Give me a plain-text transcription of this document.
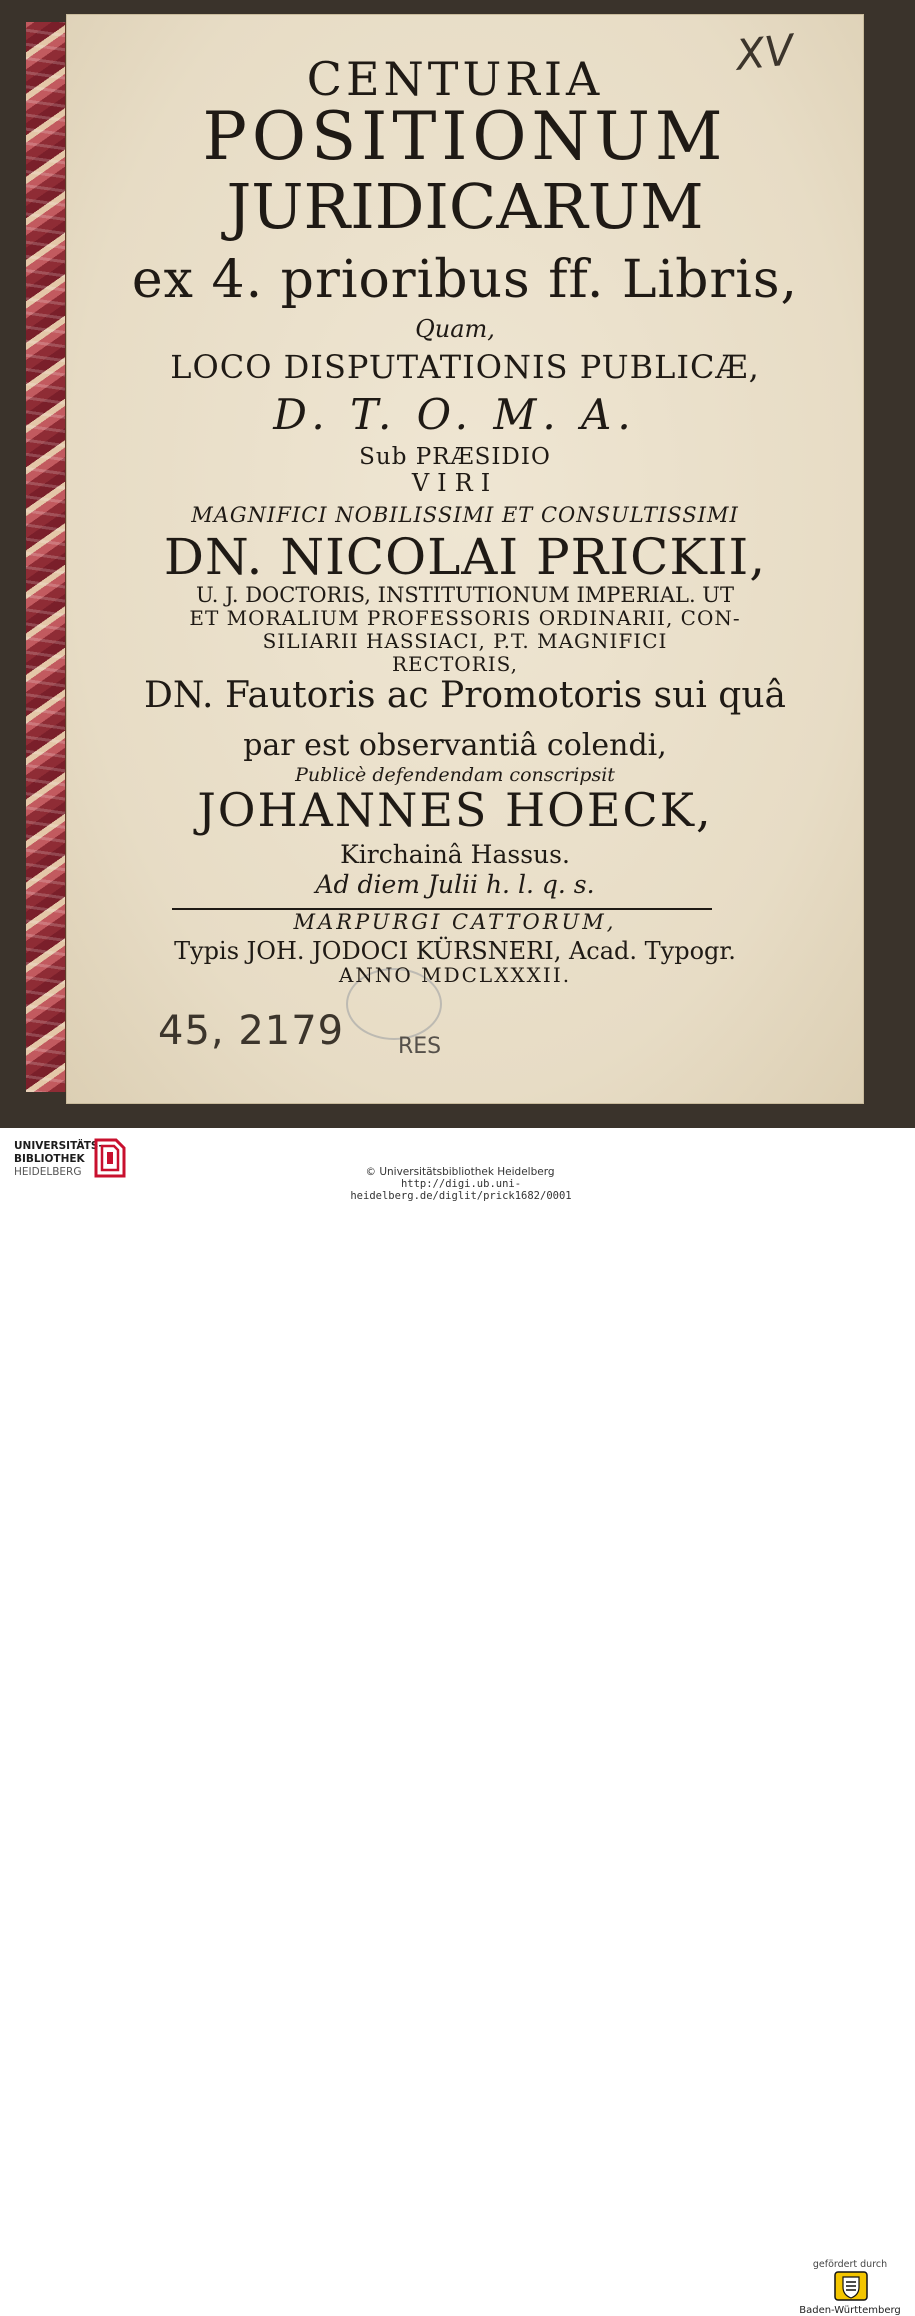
CENTURIA
POSITIONUM
JURIDICARUM
ex 4. prioribus ff. Libris,
Quam,
LOCO DISPUTATIONIS PUBLICÆ,
D. T. O. M. A.
Sub PRÆSIDIO
VIRI
MAGNIFICI NOBILISSIMI ET CONSULTISSIMI
DN. NICOLAI PRICKII,
U. J. DOCTORIS, INSTITUTIONUM IMPERIAL. UT
ET MORALIUM PROFESSORIS ORDINARII, CON-
SILIARII HASSIACI, P.T. MAGNIFICI
RECTORIS,
DN. Fautoris ac Promotoris sui quâ
par est observantiâ colendi,
Publicè defendendam conscripsit
JOHANNES HOECK,
Kirchainâ Hassus.
Ad diem Julii h. l. q. s.
MARPURGI CATTORUM,
Typis JOH. JODOCI KÜRSNERI, Acad. Typogr.
ANNO MDCLXXXII.
XV
45, 2179 RES
UNIVERSITÄTS-
BIBLIOTHEK
HEIDELBERG
gefördert durch
Baden-Württemberg
© Universitätsbibliothek Heidelberg
http://digi.ub.uni-heidelberg.de/diglit/prick1682/0001
